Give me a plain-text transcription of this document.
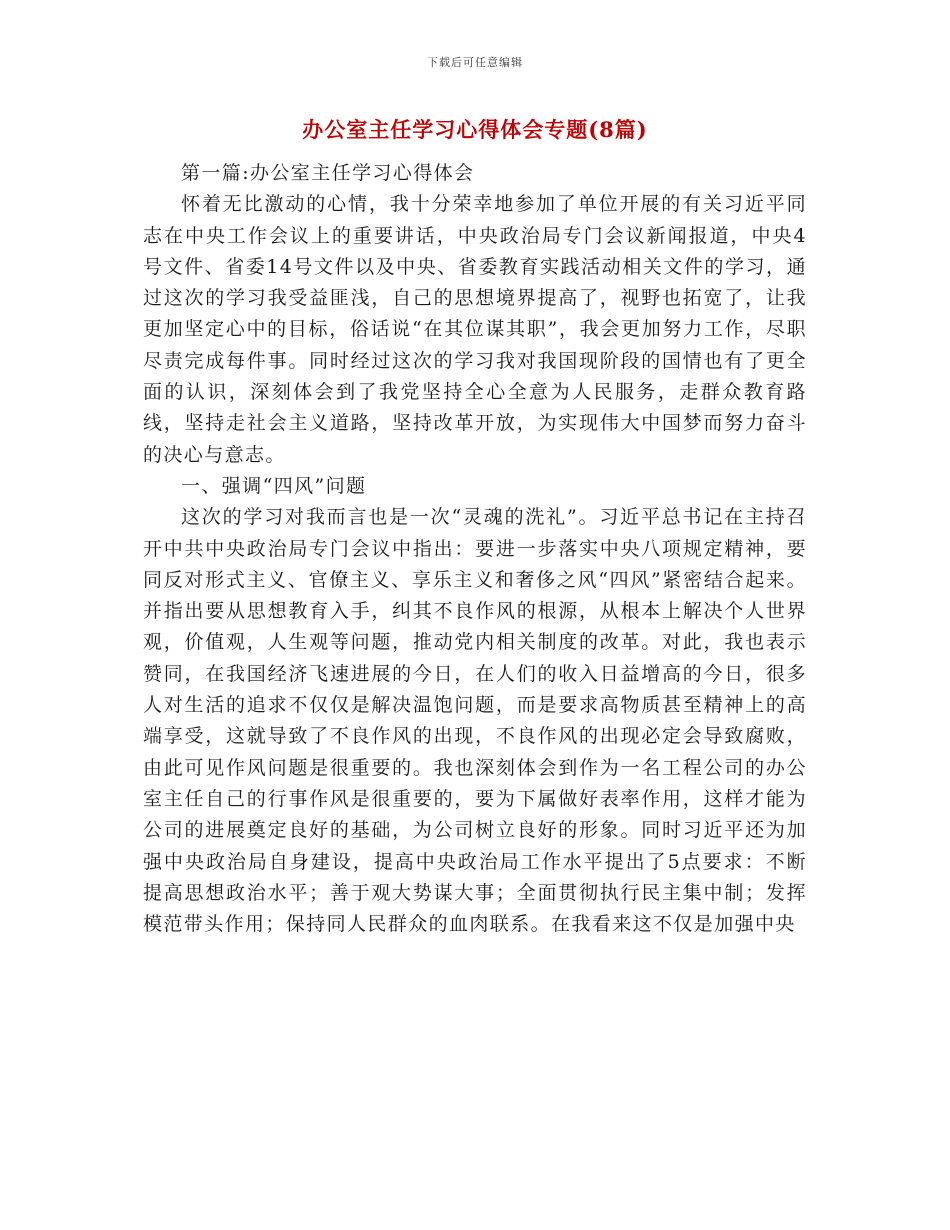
下载后可任意编辑
办公室主任学习心得体会专题(8篇)

第一篇:办公室主任学习心得体会

怀着无比激动的心情，我十分荣幸地参加了单位开展的有关习近平同志在中央工作会议上的重要讲话，中央政治局专门会议新闻报道，中央4号文件、省委14号文件以及中央、省委教育实践活动相关文件的学习，通过这次的学习我受益匪浅，自己的思想境界提高了，视野也拓宽了，让我更加坚定心中的目标，俗话说“在其位谋其职”，我会更加努力工作，尽职尽责完成每件事。同时经过这次的学习我对我国现阶段的国情也有了更全面的认识，深刻体会到了我党坚持全心全意为人民服务，走群众教育路线，坚持走社会主义道路，坚持改革开放，为实现伟大中国梦而努力奋斗的决心与意志。

一、强调“四风”问题

这次的学习对我而言也是一次“灵魂的洗礼”。习近平总书记在主持召开中共中央政治局专门会议中指出：要进一步落实中央八项规定精神，要同反对形式主义、官僚主义、享乐主义和奢侈之风“四风”紧密结合起来。并指出要从思想教育入手，纠其不良作风的根源，从根本上解决个人世界观，价值观，人生观等问题，推动党内相关制度的改革。对此，我也表示赞同，在我国经济飞速进展的今日，在人们的收入日益增高的今日，很多人对生活的追求不仅仅是解决温饱问题，而是要求高物质甚至精神上的高端享受，这就导致了不良作风的出现，不良作风的出现必定会导致腐败，由此可见作风问题是很重要的。我也深刻体会到作为一名工程公司的办公室主任自己的行事作风是很重要的，要为下属做好表率作用，这样才能为公司的进展奠定良好的基础，为公司树立良好的形象。同时习近平还为加强中央政治局自身建设，提高中央政治局工作水平提出了5点要求：不断提高思想政治水平；善于观大势谋大事；全面贯彻执行民主集中制；发挥模范带头作用；保持同人民群众的血肉联系。在我看来这不仅是加强中央
